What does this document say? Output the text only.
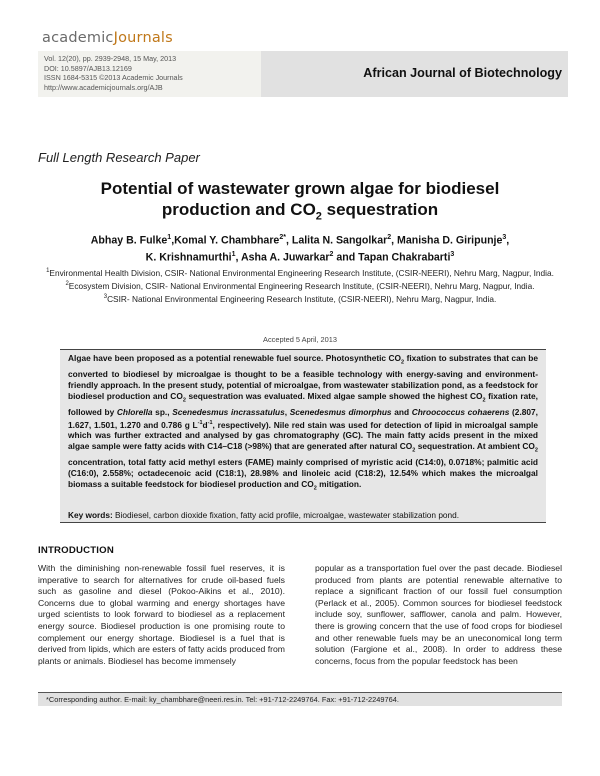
academicJournals
Vol. 12(20), pp. 2939-2948, 15 May, 2013
DOI: 10.5897/AJB13.12169
ISSN 1684-5315 ©2013 Academic Journals
http://www.academicjournals.org/AJB
African Journal of Biotechnology
Full Length Research Paper
Potential of wastewater grown algae for biodiesel
production and $CO_2$ sequestration
Abhay B. Fulke$^1$,Komal Y. Chambhare$^{2*}$, Lalita N. Sangolkar$^2$, Manisha D. Giripunje$^3$,
K. Krishnamurthi$^1$, Asha A. Juwarkar$^2$ and Tapan Chakrabarti$^3$

$^1$Environmental Health Division, CSIR- National Environmental Engineering Research Institute, (CSIR-NEERI), Nehru Marg, Nagpur, India.

$^2$Ecosystem Division, CSIR- National Environmental Engineering Research Institute, (CSIR-NEERI), Nehru Marg, Nagpur, India.

$^3$CSIR- National Environmental Engineering Research Institute, (CSIR-NEERI), Nehru Marg, Nagpur, India.

Accepted 5 April, 2013

Algae have been proposed as a potential renewable fuel source. Photosynthetic $CO_2$ fixation to substrates that can be converted to biodiesel by microalgae is thought to be a feasible technology with energy-saving and environment-friendly approach. In the present study, potential of microalgae, from wastewater stabilization pond, as a feedstock for biodiesel production and $CO_2$ sequestration was evaluated. Mixed algae sample showed the highest $CO_2$ fixation rate, followed by Chlorella sp., Scenedesmus incrassatulus, Scenedesmus dimorphus and Chroococcus cohaerens (2.807, 1.627, 1.501, 1.270 and 0.786 g $L^{-1}d^{-1}$, respectively). Nile red stain was used for detection of lipid in microalgal sample which was further extracted and analysed by gas chromatography (GC). The main fatty acids present in the mixed algae sample were fatty acids with C14–C18 (>98%) that are generated after natural $CO_2$ sequestration. At ambient $CO_2$ concentration, total fatty acid methyl esters (FAME) mainly comprised of myristic acid (C14:0), 0.0718%; palmitic acid (C16:0), 2.558%; octadecenoic acid (C18:1), 28.98% and linoleic acid (C18:2), 12.54% which makes the microalgal biomass a suitable feedstock for biodiesel production and $CO_2$ mitigation.

Key words: Biodiesel, carbon dioxide fixation, fatty acid profile, microalgae, wastewater stabilization pond.
INTRODUCTION

With the diminishing non-renewable fossil fuel reserves, it is imperative to search for alternatives for crude oil-based fuels such as gasoline and diesel (Pokoo-Aikins et al., 2010). Concerns due to global warming and energy shortages have urged scientists to look forward to biodiesel as a replacement energy source. Biodiesel production is one promising route to complement our energy shortage. Biodiesel is a fuel that is derived from lipids, which are esters of fatty acids produced from plants or animals. Biodiesel has become immensely

popular as a transportation fuel over the past decade. Biodiesel produced from plants are potential renewable alternative to replace a significant fraction of our fossil fuel consumption (Perlack et al., 2005). Common sources for biodiesel feedstock include soy, sunflower, safflower, canola and palm. However, there is growing concern that the use of food crops for biodiesel and other renewable fuels may be an uneconomical long term solution (Fargione et al., 2008). In order to address these concerns, focus from the popular feedstock has been

*Corresponding author. E-mail: ky_chambhare@neeri.res.in. Tel: +91-712-2249764. Fax: +91-712-2249764.
